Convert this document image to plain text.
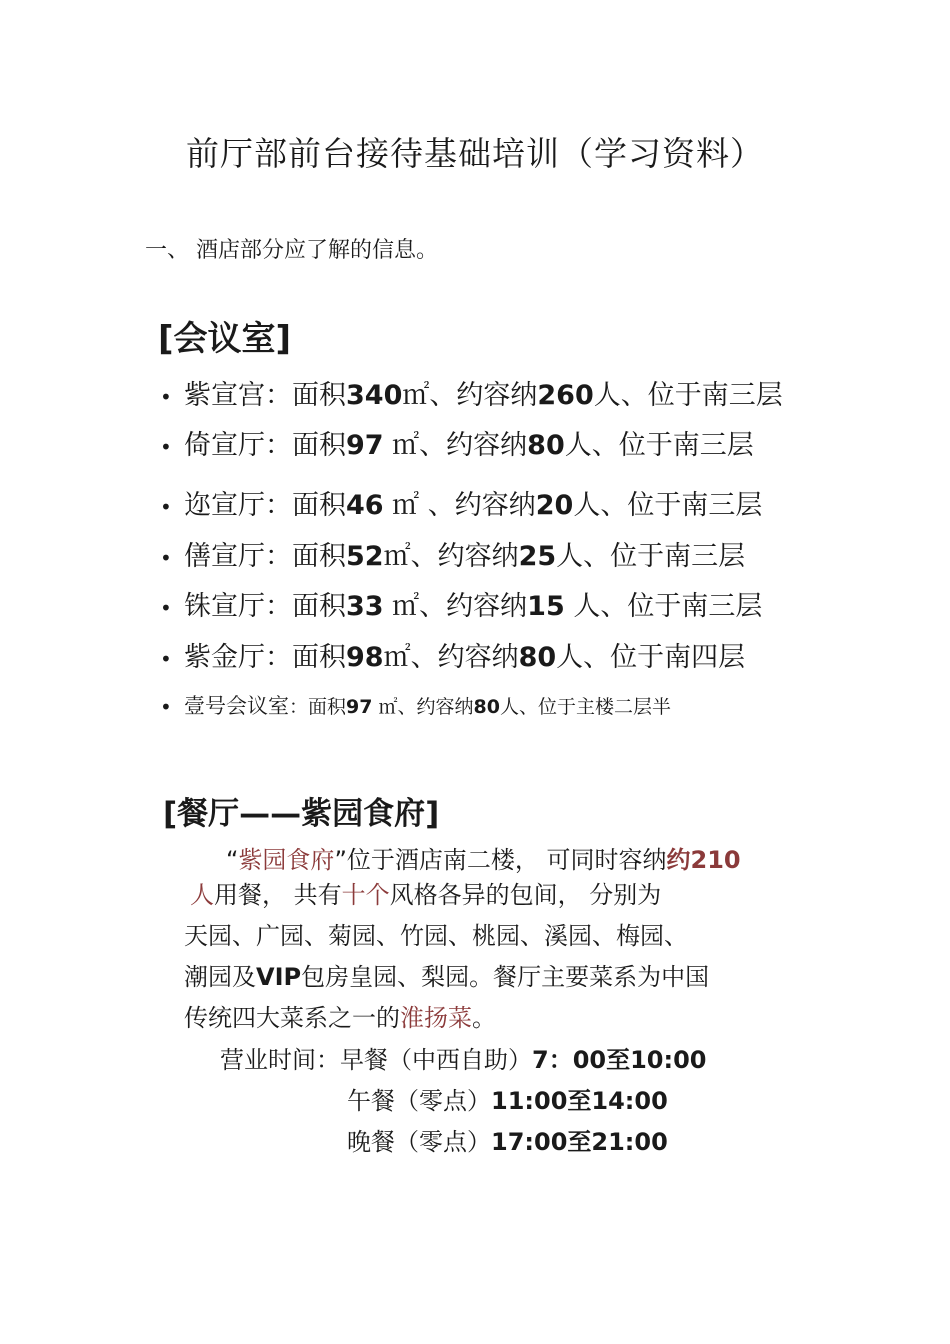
前厅部前台接待基础培训（学习资料）
一、 酒店部分应了解的信息。
[会议室]
• 紫宣宫：面积340㎡、约容纳260人、位于南三层
• 倚宣厅：面积97 ㎡、约容纳80人、位于南三层
• 迩宣厅：面积46 ㎡ 、约容纳20人、位于南三层
• 僐宣厅：面积52㎡、约容纳25人、位于南三层
• 铢宣厅：面积33 ㎡、约容纳15 人、位于南三层
• 紫金厅：面积98㎡、约容纳80人、位于南四层
• 壹号会议室：面积97 ㎡、约容纳80人、位于主楼二层半
[餐厅——紫园食府]
“紫园食府”位于酒店南二楼， 可同时容纳约210
人用餐， 共有十个风格各异的包间， 分别为
天园、广园、菊园、竹园、桃园、溪园、梅园、
潮园及VIP包房皇园、梨园。餐厅主要菜系为中国
传统四大菜系之一的淮扬菜。
营业时间：早餐（中西自助）7：00至10:00
午餐（零点）11:00至14:00
晚餐（零点）17:00至21:00
